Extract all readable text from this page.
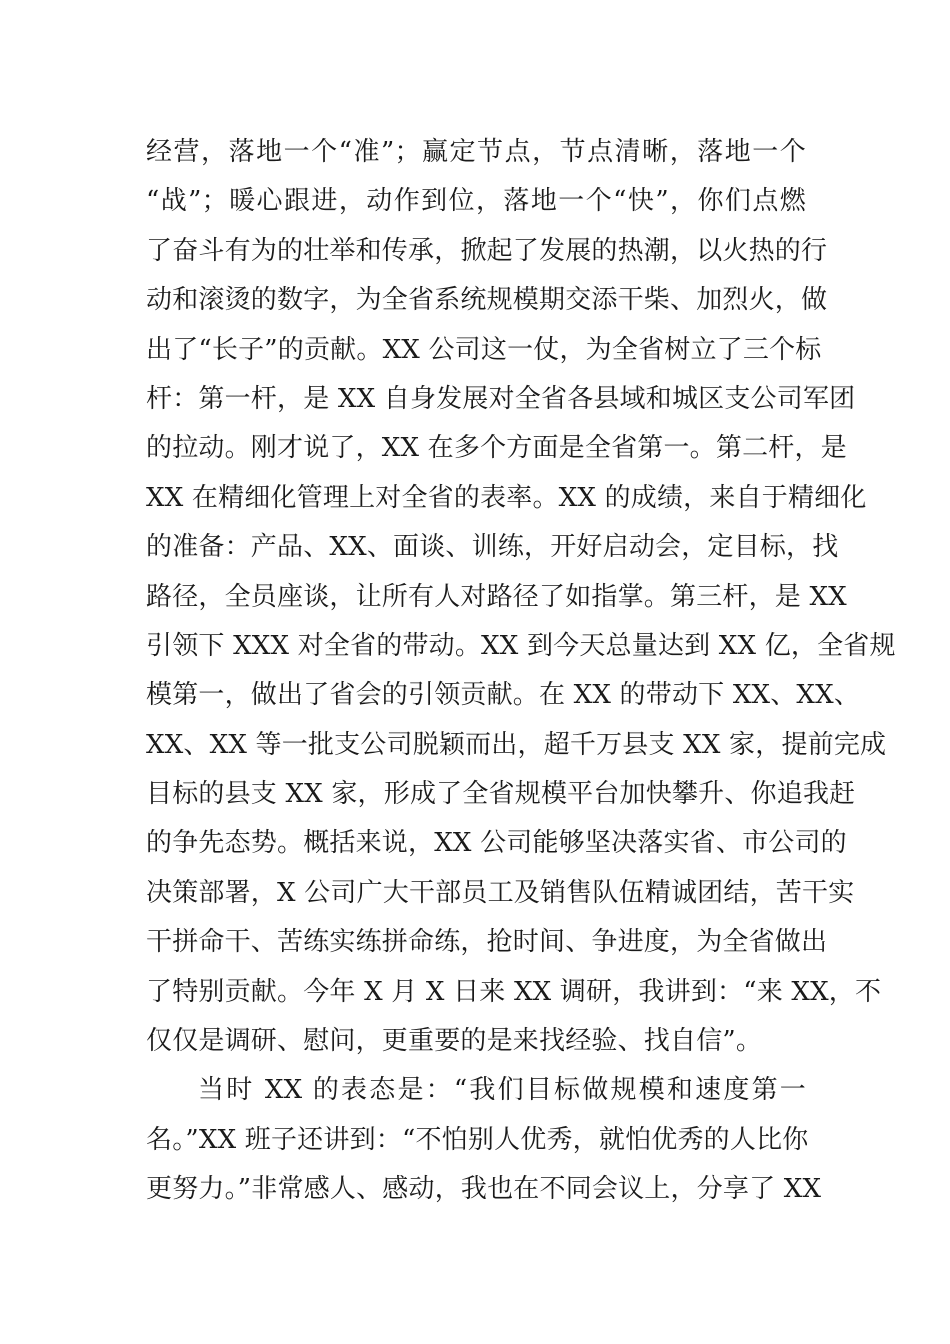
经营，落地一个“准”；赢定节点，节点清晰，落地一个
“战”；暖心跟进，动作到位，落地一个“快”，你们点燃
了奋斗有为的壮举和传承，掀起了发展的热潮，以火热的行
动和滚烫的数字，为全省系统规模期交添干柴、加烈火，做
出了“长子”的贡献。XX 公司这一仗，为全省树立了三个标
杆：第一杆，是 XX 自身发展对全省各县域和城区支公司军团
的拉动。刚才说了，XX 在多个方面是全省第一。第二杆，是
XX 在精细化管理上对全省的表率。XX 的成绩，来自于精细化
的准备：产品、XX、面谈、训练，开好启动会，定目标，找
路径，全员座谈，让所有人对路径了如指掌。第三杆，是 XX
引领下 XXX 对全省的带动。XX 到今天总量达到 XX 亿，全省规
模第一，做出了省会的引领贡献。在 XX 的带动下 XX、XX、
XX、XX 等一批支公司脱颖而出，超千万县支 XX 家，提前完成
目标的县支 XX 家，形成了全省规模平台加快攀升、你追我赶
的争先态势。概括来说，XX 公司能够坚决落实省、市公司的
决策部署，X 公司广大干部员工及销售队伍精诚团结，苦干实
干拼命干、苦练实练拼命练，抢时间、争进度，为全省做出
了特别贡献。今年 X 月 X 日来 XX 调研，我讲到：“来 XX，不
仅仅是调研、慰问，更重要的是来找经验、找自信”。
当时 XX 的表态是：“我们目标做规模和速度第一
名。”XX 班子还讲到：“不怕别人优秀，就怕优秀的人比你
更努力。”非常感人、感动，我也在不同会议上，分享了 XX
